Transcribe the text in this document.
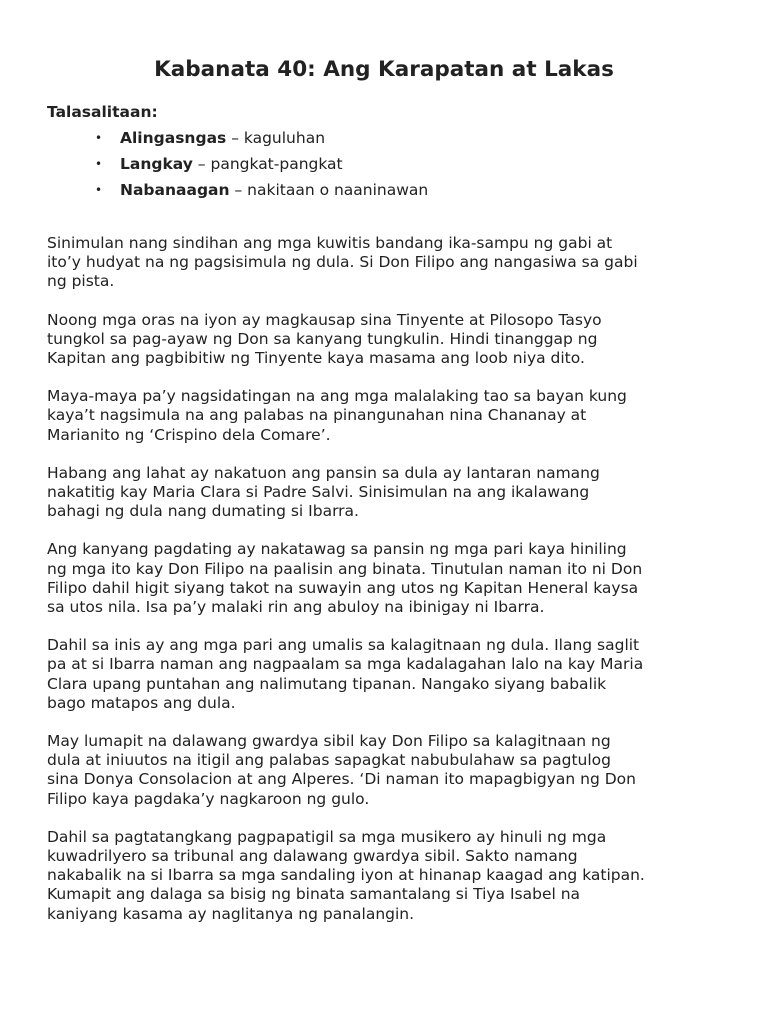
Kabanata 40: Ang Karapatan at Lakas
Talasalitaan:
• Alingasngas – kaguluhan
• Langkay – pangkat-pangkat
• Nabanaagan – nakitaan o naaninawan

Sinimulan nang sindihan ang mga kuwitis bandang ika-sampu ng gabi at
ito’y hudyat na ng pagsisimula ng dula. Si Don Filipo ang nangasiwa sa gabi
ng pista.

Noong mga oras na iyon ay magkausap sina Tinyente at Pilosopo Tasyo
tungkol sa pag-ayaw ng Don sa kanyang tungkulin. Hindi tinanggap ng
Kapitan ang pagbibitiw ng Tinyente kaya masama ang loob niya dito.

Maya-maya pa’y nagsidatingan na ang mga malalaking tao sa bayan kung
kaya’t nagsimula na ang palabas na pinangunahan nina Chananay at
Marianito ng ‘Crispino dela Comare’.

Habang ang lahat ay nakatuon ang pansin sa dula ay lantaran namang
nakatitig kay Maria Clara si Padre Salvi. Sinisimulan na ang ikalawang
bahagi ng dula nang dumating si Ibarra.

Ang kanyang pagdating ay nakatawag sa pansin ng mga pari kaya hiniling
ng mga ito kay Don Filipo na paalisin ang binata. Tinutulan naman ito ni Don
Filipo dahil higit siyang takot na suwayin ang utos ng Kapitan Heneral kaysa
sa utos nila. Isa pa’y malaki rin ang abuloy na ibinigay ni Ibarra.

Dahil sa inis ay ang mga pari ang umalis sa kalagitnaan ng dula. Ilang saglit
pa at si Ibarra naman ang nagpaalam sa mga kadalagahan lalo na kay Maria
Clara upang puntahan ang nalimutang tipanan. Nangako siyang babalik
bago matapos ang dula.

May lumapit na dalawang gwardya sibil kay Don Filipo sa kalagitnaan ng
dula at iniuutos na itigil ang palabas sapagkat nabubulahaw sa pagtulog
sina Donya Consolacion at ang Alperes. ‘Di naman ito mapagbigyan ng Don
Filipo kaya pagdaka’y nagkaroon ng gulo.

Dahil sa pagtatangkang pagpapatigil sa mga musikero ay hinuli ng mga
kuwadrilyero sa tribunal ang dalawang gwardya sibil. Sakto namang
nakabalik na si Ibarra sa mga sandaling iyon at hinanap kaagad ang katipan.
Kumapit ang dalaga sa bisig ng binata samantalang si Tiya Isabel na
kaniyang kasama ay naglitanya ng panalangin.
